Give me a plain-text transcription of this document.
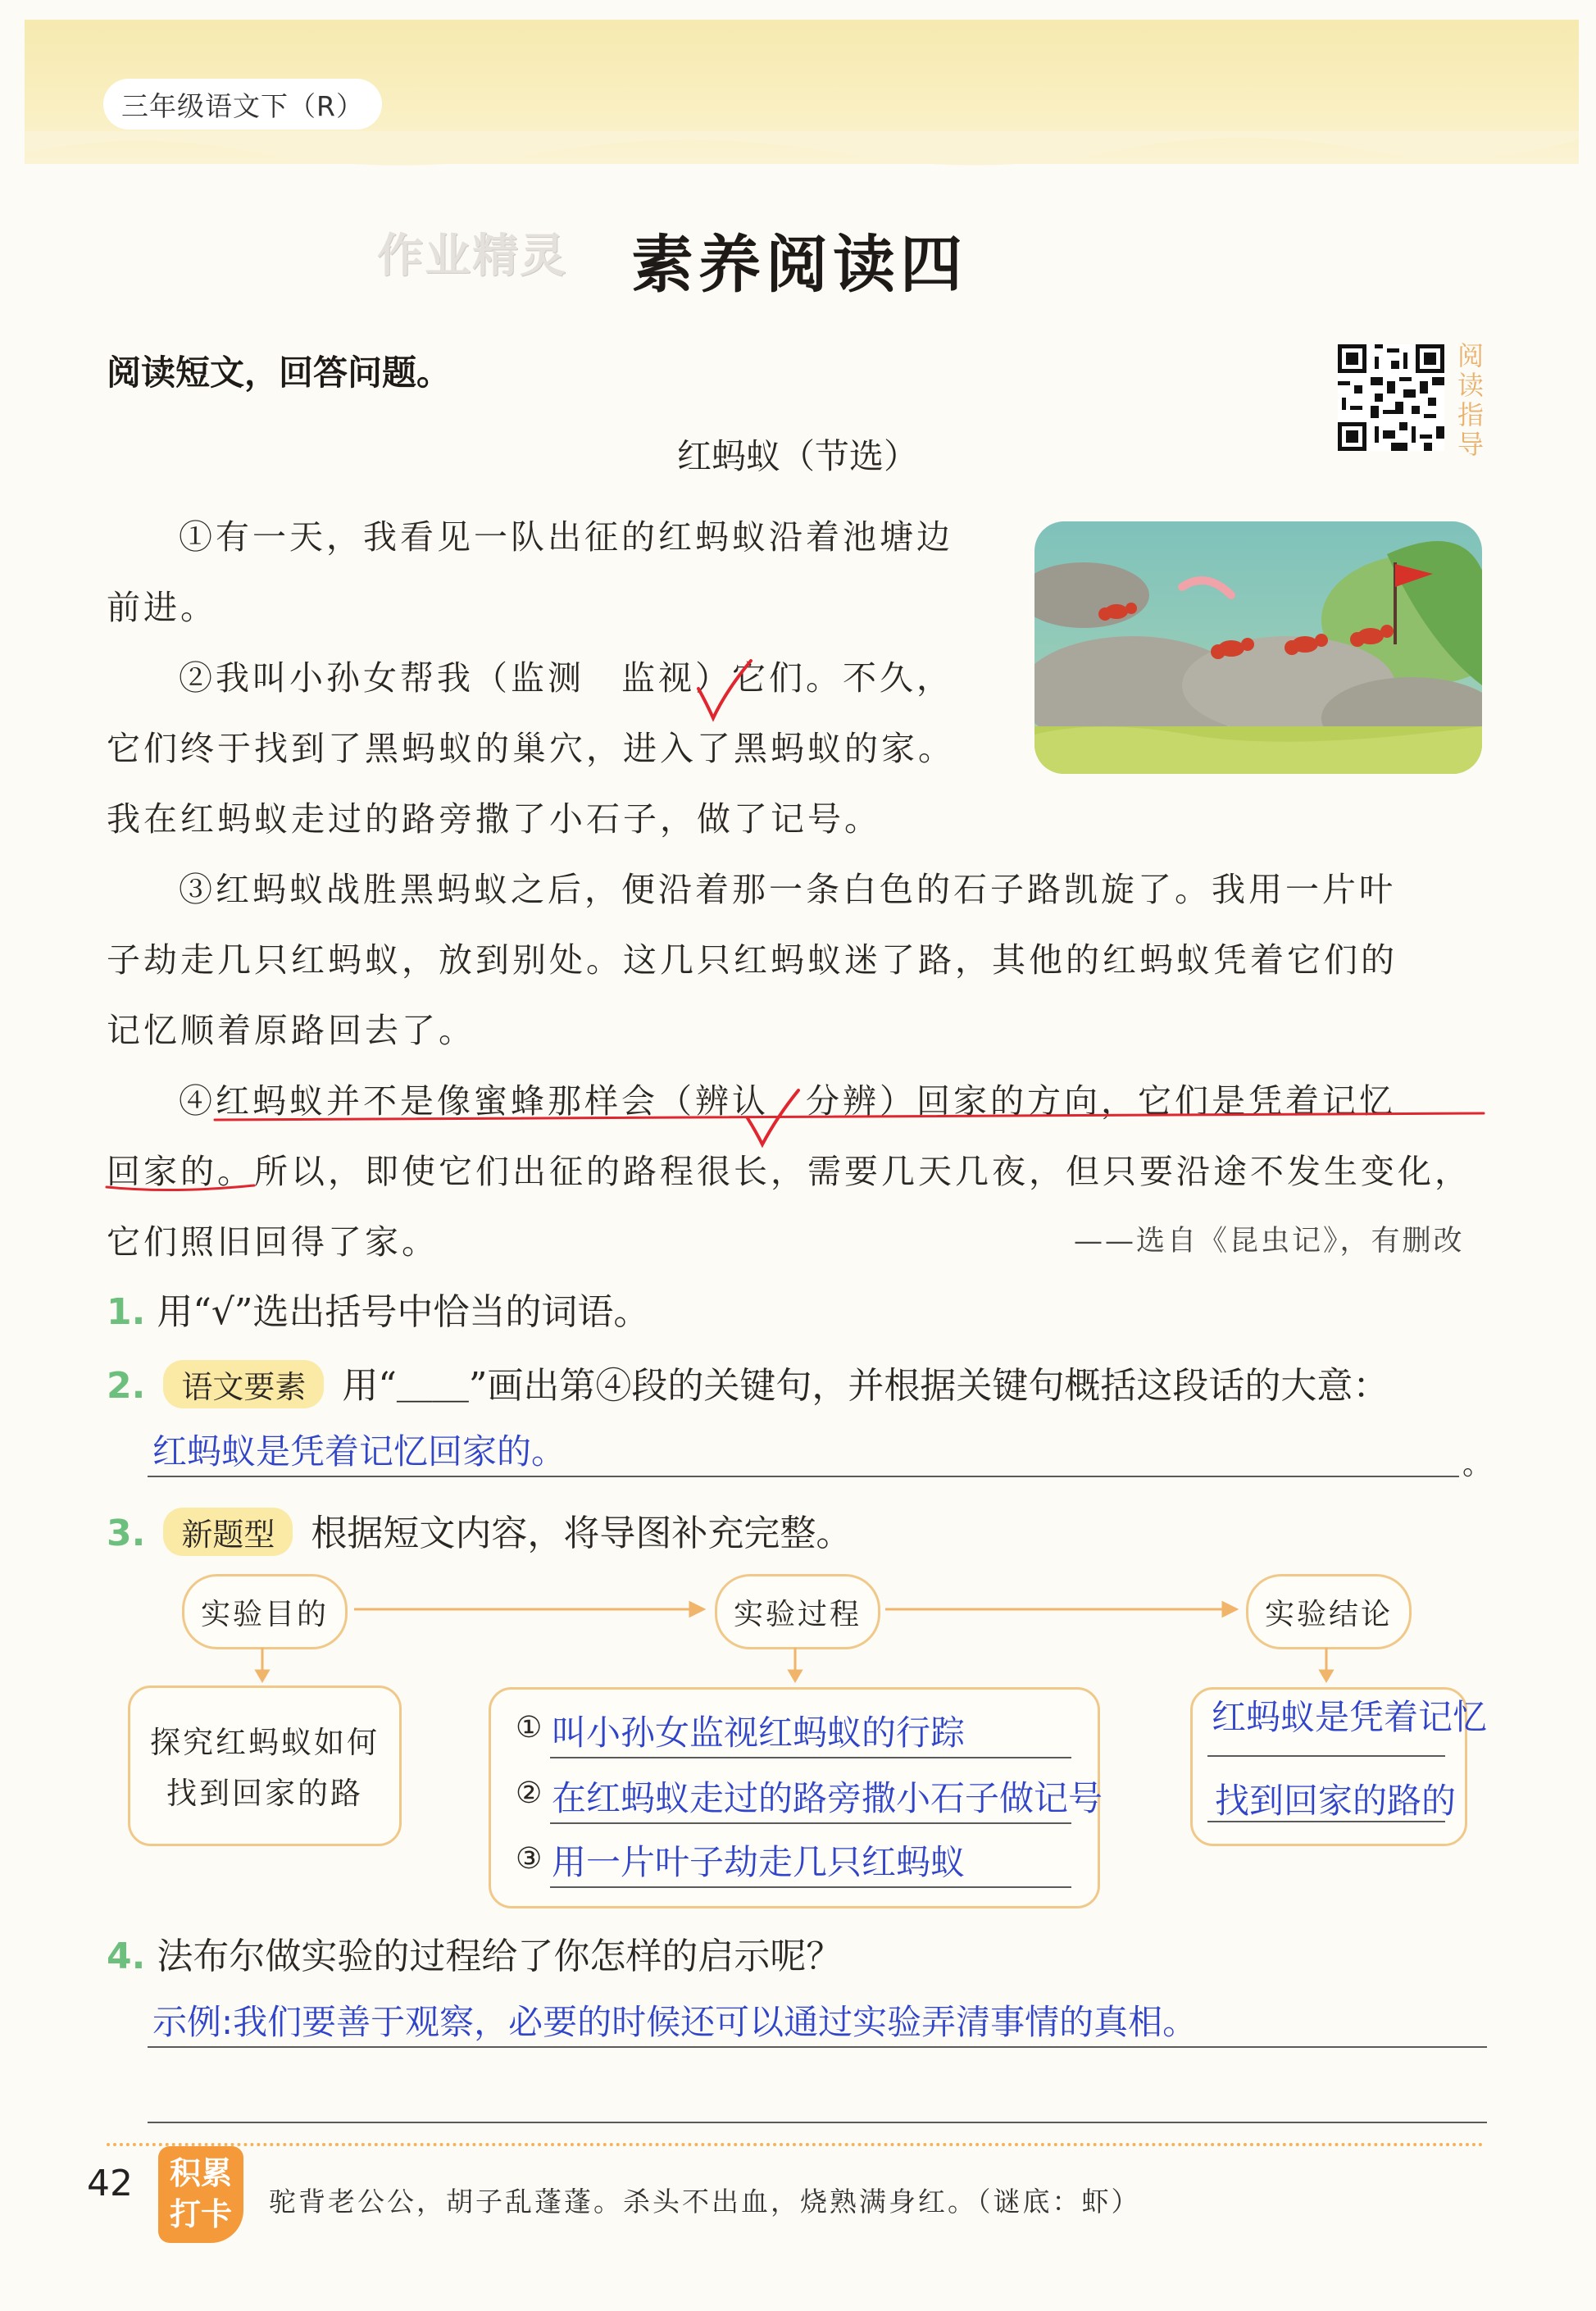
三年级语文下（R）
作业精灵 素养阅读四
阅读短文，回答问题。	阅
读
指
导
红蚂蚁（节选）
①有一天，我看见一队出征的红蚂蚁沿着池塘边
前进。
②我叫小孙女帮我（监测　监视）它们。不久，
它们终于找到了黑蚂蚁的巢穴，进入了黑蚂蚁的家。
我在红蚂蚁走过的路旁撒了小石子，做了记号。
③红蚂蚁战胜黑蚂蚁之后，便沿着那一条白色的石子路凯旋了。我用一片叶
子劫走几只红蚂蚁，放到别处。这几只红蚂蚁迷了路，其他的红蚂蚁凭着它们的
记忆顺着原路回去了。
④红蚂蚁并不是像蜜蜂那样会（辨认　分辨）回家的方向，它们是凭着记忆
回家的。所以，即使它们出征的路程很长，需要几天几夜，但只要沿途不发生变化，
它们照旧回得了家。	——选自《昆虫记》，有删改
1. 用“√”选出括号中恰当的词语。
2. 语文要素 用“＿＿”画出第④段的关键句，并根据关键句概括这段话的大意：
红蚂蚁是凭着记忆回家的。	。
3. 新题型 根据短文内容，将导图补充完整。
实验目的	实验过程	实验结论
探究红蚂蚁如何
找到回家的路
① 叫小孙女监视红蚂蚁的行踪
② 在红蚂蚁走过的路旁撒小石子做记号
③ 用一片叶子劫走几只红蚂蚁
红蚂蚁是凭着记忆
找到回家的路的
4. 法布尔做实验的过程给了你怎样的启示呢？
示例:我们要善于观察，必要的时候还可以通过实验弄清事情的真相。
42	积累
打卡	驼背老公公，胡子乱蓬蓬。杀头不出血，烧熟满身红。（谜底：虾）
